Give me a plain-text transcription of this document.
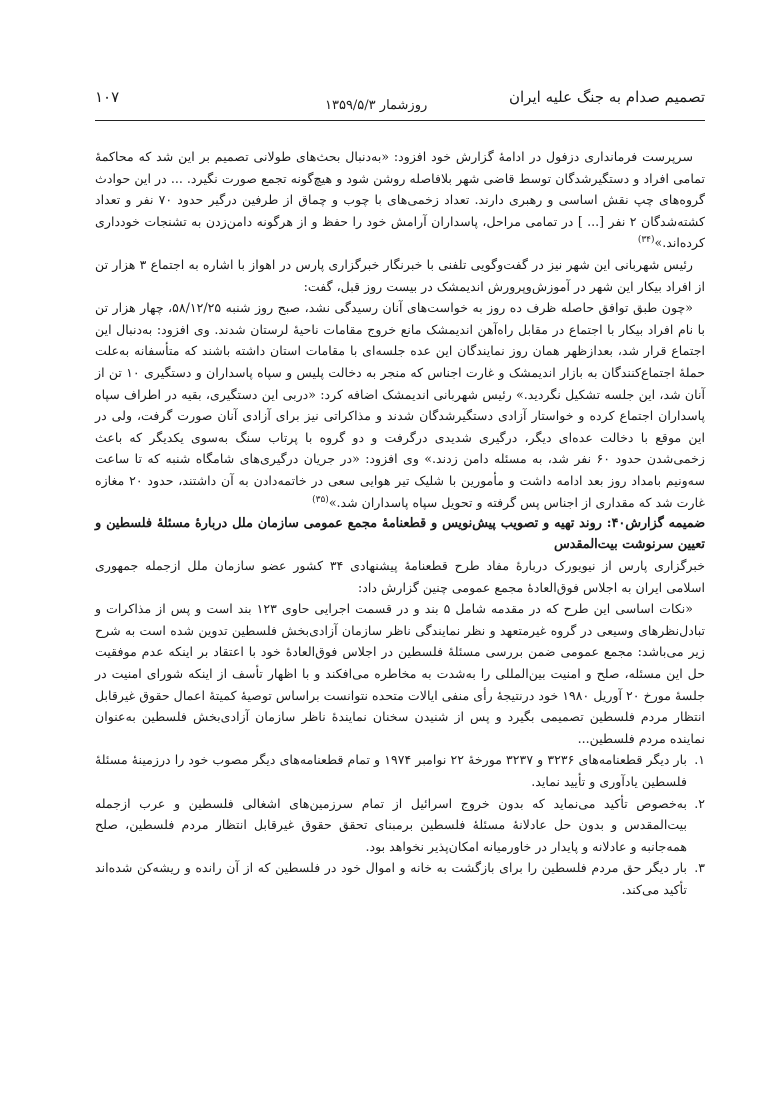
تصمیم صدام به جنگ علیه ایران
روزشمار ۱۳۵۹/۵/۳
۱۰۷

سرپرست فرمانداری دزفول در ادامهٔ گزارش خود افزود: «به‌دنبال بحث‌های طولانی تصمیم بر این شد که محاکمهٔ تمامی افراد و دستگیرشدگان توسط قاضی شهر بلافاصله روشن شود و هیچ‌گونه تجمع صورت نگیرد. ... در این حوادث گروه‌های چپ نقش اساسی و رهبری دارند. تعداد زخمی‌های با چوب و چماق از طرفین درگیر حدود ۷۰ نفر و تعداد کشته‌شدگان ۲ نفر [... ] در تمامی مراحل، پاسداران آرامش خود را حفظ و از هرگونه دامن‌زدن به تشنجات خودداری کرده‌اند.»$^{(۳۴)}$

رئیس شهربانی این شهر نیز در گفت‌وگویی تلفنی با خبرنگار خبرگزاری پارس در اهواز با اشاره به اجتماع ۳ هزار تن از افراد بیکار این شهر در آموزش‌وپرورش اندیمشک در بیست روز قبل، گفت:

«چون طبق توافق حاصله ظرف ده روز به خواست‌های آنان رسیدگی نشد، صبح روز شنبه ۵۸/۱۲/۲۵، چهار هزار تن با نام افراد بیکار با اجتماع در مقابل راه‌آهن اندیمشک مانع خروج مقامات ناحیهٔ لرستان شدند. وی افزود: به‌دنبال این اجتماع قرار شد، بعدازظهر همان روز نمایندگان این عده جلسه‌ای با مقامات استان داشته باشند که متأسفانه به‌علت حملهٔ اجتماع‌کنندگان به بازار اندیمشک و غارت اجناس که منجر به دخالت پلیس و سپاه پاسداران و دستگیری ۱۰ تن از آنان شد، این جلسه تشکیل نگردید.» رئیس شهربانی اندیمشک اضافه کرد: «دربی این دستگیری، بقیه در اطراف سپاه پاسداران اجتماع کرده و خواستار آزادی دستگیرشدگان شدند و مذاکراتی نیز برای آزادی آنان صورت گرفت، ولی در این موقع با دخالت عده‌ای دیگر، درگیری شدیدی درگرفت و دو گروه با پرتاب سنگ به‌سوی یکدیگر که باعث زخمی‌شدن حدود ۶۰ نفر شد، به مسئله دامن زدند.» وی افزود: «در جریان درگیری‌های شامگاه شنبه که تا ساعت سه‌ونیم بامداد روز بعد ادامه داشت و مأمورین با شلیک تیر هوایی سعی در خاتمه‌دادن به آن داشتند، حدود ۲۰ مغازه غارت شد که مقداری از اجناس پس گرفته و تحویل سپاه پاسداران شد.»$^{(۳۵)}$

ضمیمه گزارش۴۰: روند تهیه و تصویب پیش‌نویس و قطعنامهٔ مجمع عمومی سازمان ملل دربارهٔ مسئلهٔ فلسطین و تعیین سرنوشت بیت‌المقدس

خبرگزاری پارس از نیویورک دربارهٔ مفاد طرح قطعنامهٔ پیشنهادی ۳۴ کشور عضو سازمان ملل ازجمله جمهوری اسلامی ایران به اجلاس فوق‌العادهٔ مجمع عمومی چنین گزارش داد:

«نکات اساسی این طرح که در مقدمه شامل ۵ بند و در قسمت اجرایی حاوی ۱۲۳ بند است و پس از مذاکرات و تبادل‌نظرهای وسیعی در گروه غیرمتعهد و نظر نمایندگی ناظر سازمان آزادی‌بخش فلسطین تدوین شده است به شرح زیر می‌باشد: مجمع عمومی ضمن بررسی مسئلهٔ فلسطین در اجلاس فوق‌العادهٔ خود با اعتقاد بر اینکه عدم موفقیت حل این مسئله، صلح و امنیت بین‌المللی را به‌شدت به مخاطره می‌افکند و با اظهار تأسف از اینکه شورای امنیت در جلسهٔ مورخ ۲۰ آوریل ۱۹۸۰ خود درنتیجهٔ رأی منفی ایالات متحده نتوانست براساس توصیهٔ کمیتهٔ اعمال حقوق غیرقابل انتظار مردم فلسطین تصمیمی بگیرد و پس از شنیدن سخنان نمایندهٔ ناظر سازمان آزادی‌بخش فلسطین به‌عنوان نماینده مردم فلسطین...

۱.
بار دیگر قطعنامه‌های ۳۲۳۶ و ۳۲۳۷ مورخهٔ ۲۲ نوامبر ۱۹۷۴ و تمام قطعنامه‌های دیگر مصوب خود را درزمینهٔ مسئلهٔ فلسطین یادآوری و تأیید نماید.
۲.
به‌خصوص تأکید می‌نماید که بدون خروج اسرائیل از تمام سرزمین‌های اشغالی فلسطین و عرب ازجمله بیت‌المقدس و بدون حل عادلانهٔ مسئلهٔ فلسطین برمبنای تحقق حقوق غیرقابل انتظار مردم فلسطین، صلح همه‌جانبه و عادلانه و پایدار در خاورمیانه امکان‌پذیر نخواهد بود.
۳.
بار دیگر حق مردم فلسطین را برای بازگشت به خانه و اموال خود در فلسطین که از آن رانده و ریشه‌کن شده‌اند تأکید می‌کند.
